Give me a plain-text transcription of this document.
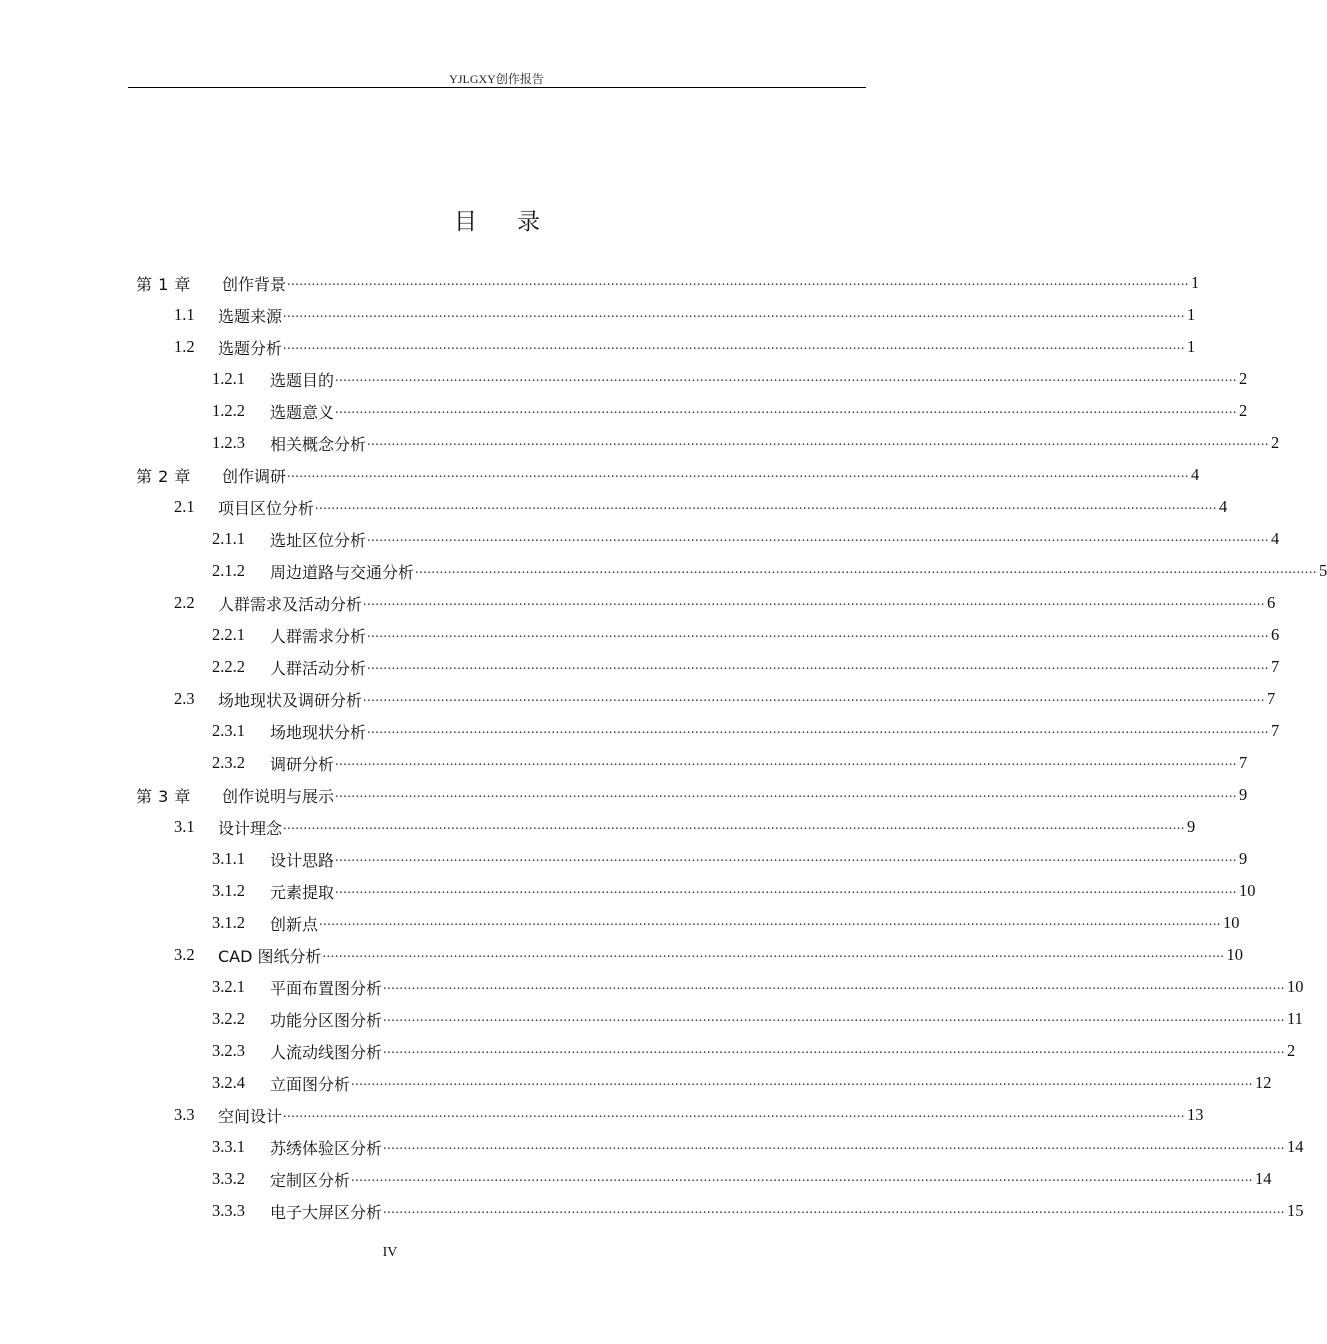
YJLGXY创作报告
目 录
第 1 章	创作背景 ............................................................................................................................................................................................................................ 1
1.1	选题来源 ............................................................................................................................................................................................................................ 1
1.2	选题分析 ............................................................................................................................................................................................................................ 1
1.2.1	选题目的 ............................................................................................................................................................................................................................ 2
1.2.2	选题意义 ............................................................................................................................................................................................................................ 2
1.2.3	相关概念分析 ............................................................................................................................................................................................................................ 2
第 2 章	创作调研 ............................................................................................................................................................................................................................ 4
2.1	项目区位分析 ............................................................................................................................................................................................................................ 4
2.1.1	选址区位分析 ............................................................................................................................................................................................................................ 4
2.1.2	周边道路与交通分析 ............................................................................................................................................................................................................................ 5
2.2	人群需求及活动分析 ............................................................................................................................................................................................................................ 6
2.2.1	人群需求分析 ............................................................................................................................................................................................................................ 6
2.2.2	人群活动分析 ............................................................................................................................................................................................................................ 7
2.3	场地现状及调研分析 ............................................................................................................................................................................................................................ 7
2.3.1	场地现状分析 ............................................................................................................................................................................................................................ 7
2.3.2	调研分析 ............................................................................................................................................................................................................................ 7
第 3 章	创作说明与展示 ............................................................................................................................................................................................................................ 9
3.1	设计理念 ............................................................................................................................................................................................................................ 9
3.1.1	设计思路 ............................................................................................................................................................................................................................ 9
3.1.2	元素提取 ............................................................................................................................................................................................................................ 10
3.1.2	创新点 ............................................................................................................................................................................................................................ 10
3.2	CAD 图纸分析 ............................................................................................................................................................................................................................ 10
3.2.1	平面布置图分析 ............................................................................................................................................................................................................................ 10
3.2.2	功能分区图分析 ............................................................................................................................................................................................................................ 11
3.2.3	人流动线图分析 ............................................................................................................................................................................................................................ 2
3.2.4	立面图分析 ............................................................................................................................................................................................................................ 12
3.3	空间设计 ............................................................................................................................................................................................................................ 13
3.3.1	苏绣体验区分析 ............................................................................................................................................................................................................................ 14
3.3.2	定制区分析 ............................................................................................................................................................................................................................ 14
3.3.3	电子大屏区分析 ............................................................................................................................................................................................................................ 15
IV
